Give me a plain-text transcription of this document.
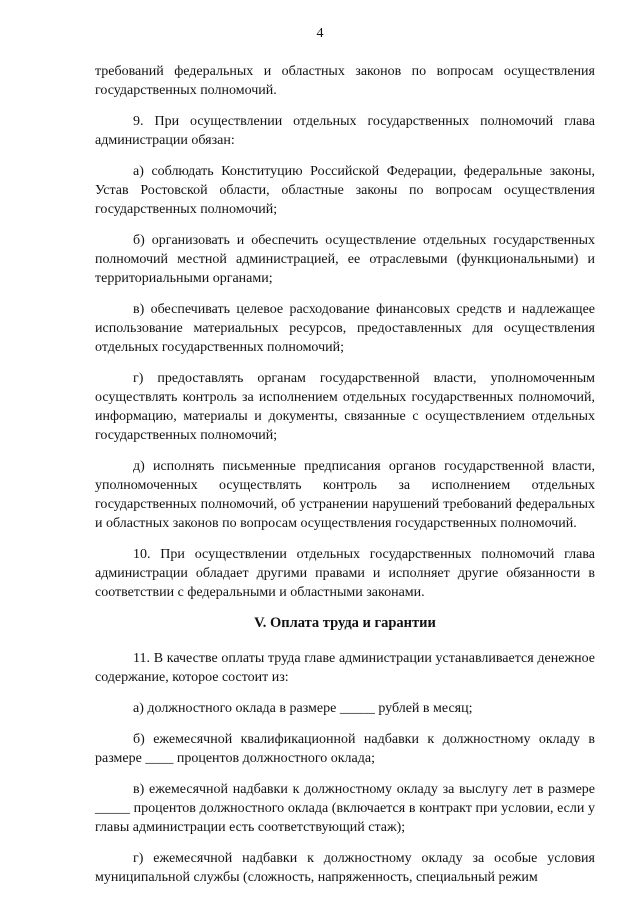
4

требований федеральных и областных законов по вопросам осуществления государственных полномочий.

9. При осуществлении отдельных государственных полномочий глава администрации обязан:

а) соблюдать Конституцию Российской Федерации, федеральные законы, Устав Ростовской области, областные законы по вопросам осуществления государственных полномочий;

б) организовать и обеспечить осуществление отдельных государственных полномочий местной администрацией, ее отраслевыми (функциональными) и территориальными органами;

в) обеспечивать целевое расходование финансовых средств и надлежащее использование материальных ресурсов, предоставленных для осуществления отдельных государственных полномочий;

г) предоставлять органам государственной власти, уполномоченным осуществлять контроль за исполнением отдельных государственных полномочий, информацию, материалы и документы, связанные с осуществлением отдельных государственных полномочий;

д) исполнять письменные предписания органов государственной власти, уполномоченных осуществлять контроль за исполнением отдельных государственных полномочий, об устранении нарушений требований федеральных и областных законов по вопросам осуществления государственных полномочий.

10. При осуществлении отдельных государственных полномочий глава администрации обладает другими правами и исполняет другие обязанности в соответствии с федеральными и областными законами.

V. Оплата труда и гарантии

11. В качестве оплаты труда главе администрации устанавливается денежное содержание, которое состоит из:

а) должностного оклада в размере _____ рублей в месяц;

б) ежемесячной квалификационной надбавки к должностному окладу в размере ____ процентов должностного оклада;

в) ежемесячной надбавки к должностному окладу за выслугу лет в размере _____ процентов должностного оклада (включается в контракт при условии, если у главы администрации есть соответствующий стаж);

г) ежемесячной надбавки к должностному окладу за особые условия муниципальной службы (сложность, напряженность, специальный режим
